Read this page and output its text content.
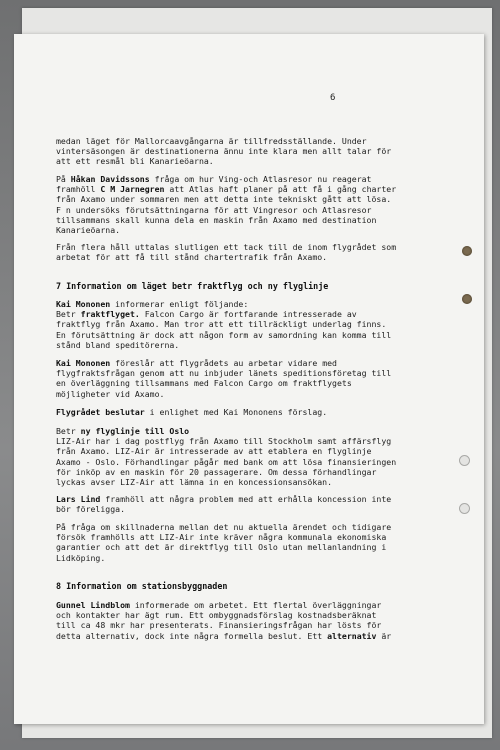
6
medan läget för Mallorcaavgångarna är tillfredsställande. Under vintersäsongen är destinationerna ännu inte klara men allt talar för att ett resmål bli Kanarieöarna.
På Håkan Davidssons fråga om hur Ving-och Atlasresor nu reagerat framhöll C M Jarnegren att Atlas haft planer på att få i gång charter från Axamo under sommaren men att detta inte tekniskt gått att lösa. F n undersöks förutsättningarna för att Vingresor och Atlasresor tillsammans skall kunna dela en maskin från Axamo med destination Kanarieöarna.
Från flera håll uttalas slutligen ett tack till de inom flygrådet som arbetat för att få till stånd chartertrafik från Axamo.
7 Information om läget betr fraktflyg och ny flyglinje
Kai Mononen informerar enligt följande:
Betr fraktflyget. Falcon Cargo är fortfarande intresserade av fraktflyg från Axamo. Man tror att ett tillräckligt underlag finns. En förutsättning är dock att någon form av samordning kan komma till stånd bland speditörerna.
Kai Mononen föreslår att flygrådets au arbetar vidare med flygfraktsfrågan genom att nu inbjuder länets speditionsföretag till en överläggning tillsammans med Falcon Cargo om fraktflygets möjligheter vid Axamo.
Flygrådet beslutar i enlighet med Kai Mononens förslag.
Betr ny flyglinje till Oslo
LIZ-Air har i dag postflyg från Axamo till Stockholm samt affärsflyg från Axamo. LIZ-Air är intresserade av att etablera en flyglinje Axamo - Oslo. Förhandlingar pågår med bank om att lösa finansieringen för inköp av en maskin för 20 passagerare. Om dessa förhandlingar lyckas avser LIZ-Air att lämna in en koncessionsansökan.
Lars Lind framhöll att några problem med att erhålla koncession inte bör föreligga.
På fråga om skillnaderna mellan det nu aktuella ärendet och tidigare försök framhölls att LIZ-Air inte kräver några kommunala ekonomiska garantier och att det är direktflyg till Oslo utan mellanlandning i Lidköping.
8 Information om stationsbyggnaden
Gunnel Lindblom informerade om arbetet. Ett flertal överläggningar och kontakter har ägt rum. Ett ombyggnadsförslag kostnadsberäknat till ca 48 mkr har presenterats. Finansieringsfrågan har lösts för detta alternativ, dock inte några formella beslut. Ett alternativ är
